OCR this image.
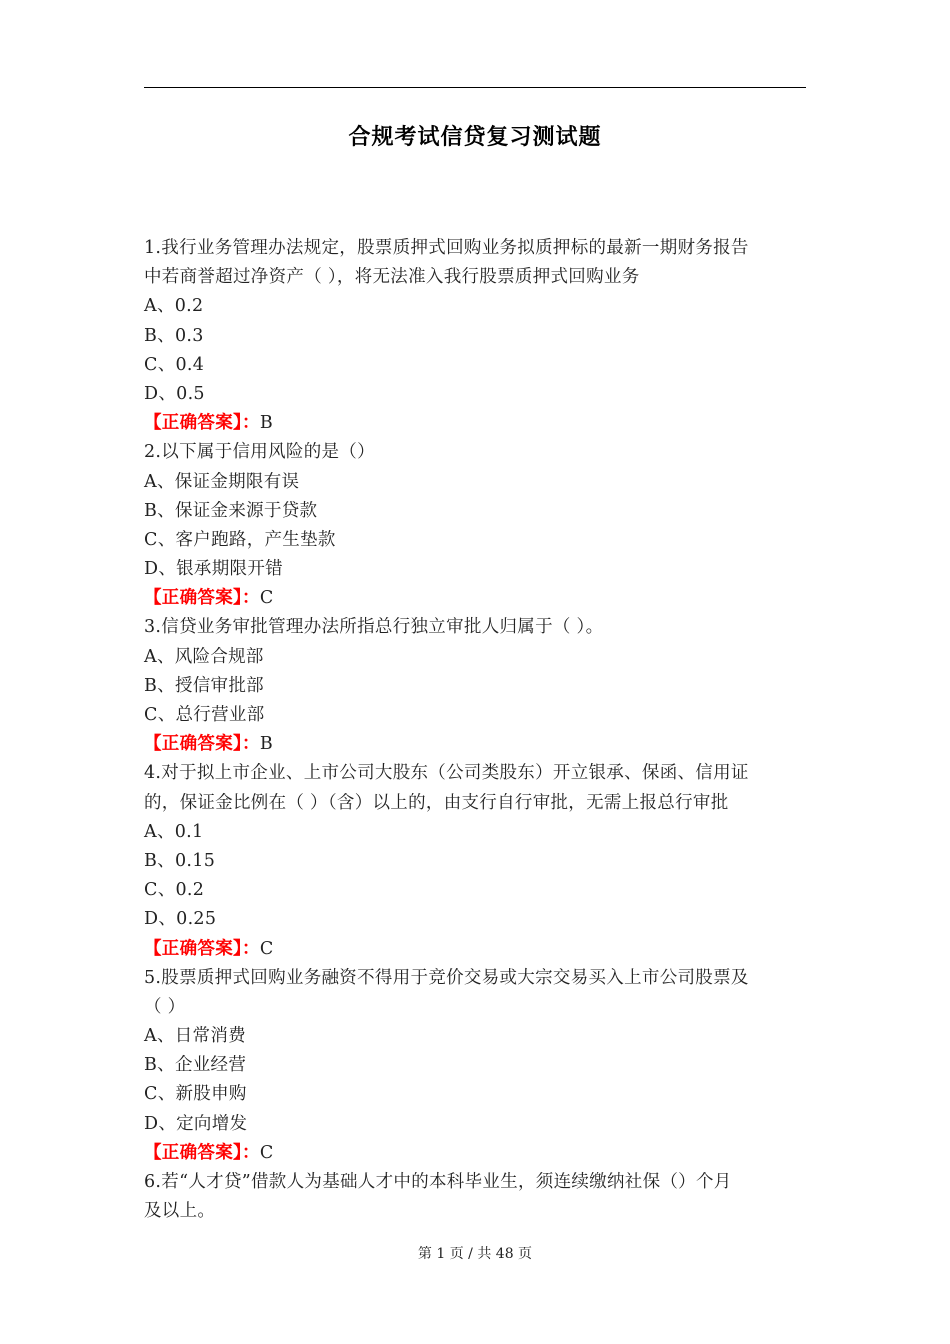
合规考试信贷复习测试题
1.我行业务管理办法规定，股票质押式回购业务拟质押标的最新一期财务报告
中若商誉超过净资产（ ），将无法准入我行股票质押式回购业务
A、0.2
B、0.3
C、0.4
D、0.5
【正确答案】：B
2.以下属于信用风险的是（）
A、保证金期限有误
B、保证金来源于贷款
C、客户跑路，产生垫款
D、银承期限开错
【正确答案】：C
3.信贷业务审批管理办法所指总行独立审批人归属于（ ）。
A、风险合规部
B、授信审批部
C、总行营业部
【正确答案】：B
4.对于拟上市企业、上市公司大股东（公司类股东）开立银承、保函、信用证
的，保证金比例在（ ）（含）以上的，由支行自行审批，无需上报总行审批
A、0.1
B、0.15
C、0.2
D、0.25
【正确答案】：C
5.股票质押式回购业务融资不得用于竞价交易或大宗交易买入上市公司股票及
（ ）
A、日常消费
B、企业经营
C、新股申购
D、定向增发
【正确答案】：C
6.若“人才贷”借款人为基础人才中的本科毕业生，须连续缴纳社保（）个月
及以上。
第 1 页 / 共 48 页
